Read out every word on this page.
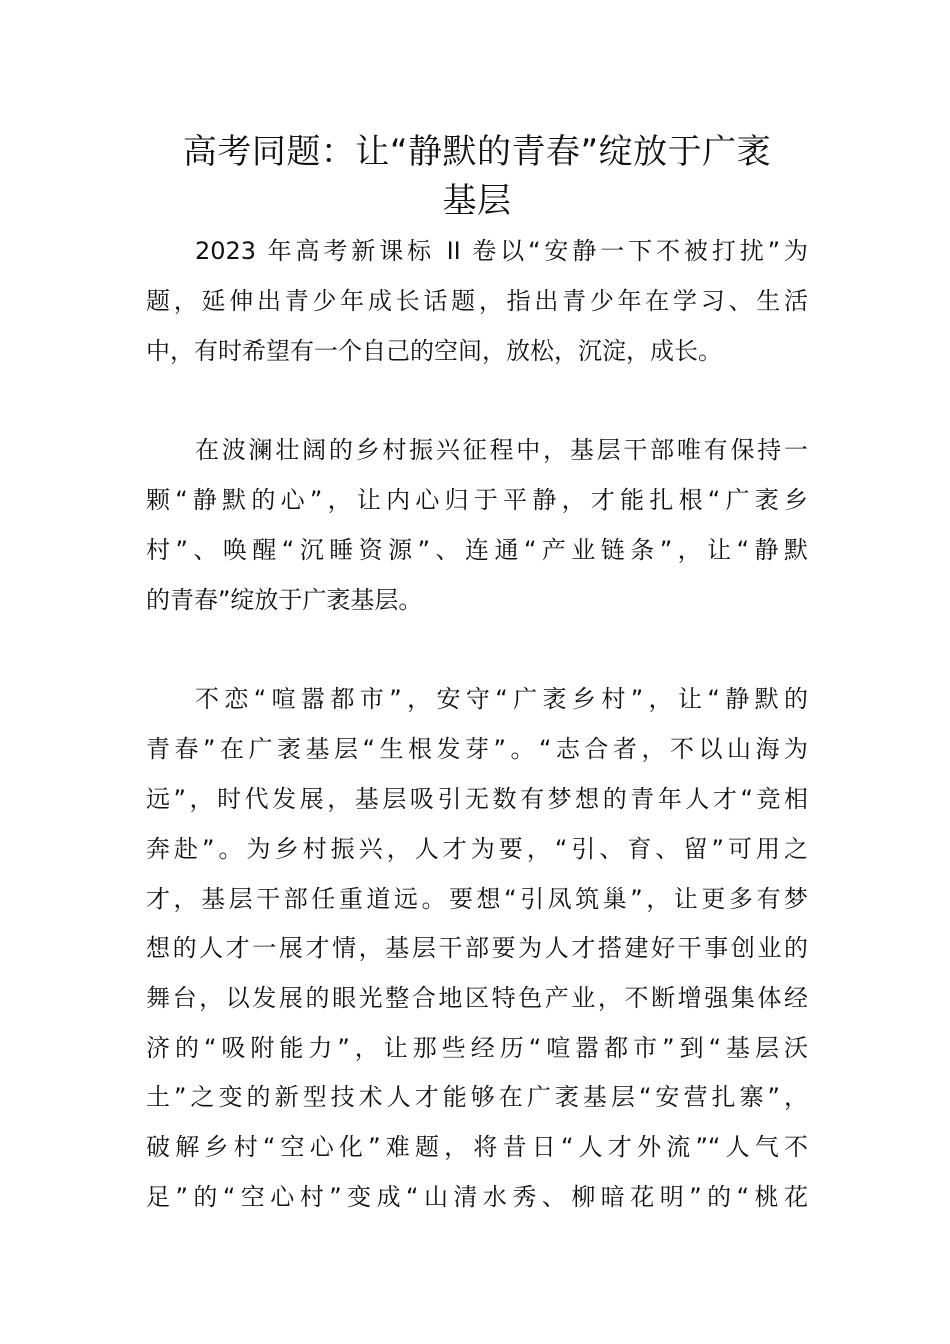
高考同题：让“静默的青春”绽放于广袤
基层
2023 年高考新课标 II 卷以“安静一下不被打扰”为
题，延伸出青少年成长话题，指出青少年在学习、生活
中，有时希望有一个自己的空间，放松，沉淀，成长。
在波澜壮阔的乡村振兴征程中，基层干部唯有保持一
颗“静默的心”，让内心归于平静，才能扎根“广袤乡
村”、唤醒“沉睡资源”、连通“产业链条”，让“静默
的青春”绽放于广袤基层。
不恋“喧嚣都市”，安守“广袤乡村”，让“静默的
青春”在广袤基层“生根发芽”。“志合者，不以山海为
远”，时代发展，基层吸引无数有梦想的青年人才“竞相
奔赴”。为乡村振兴，人才为要，“引、育、留”可用之
才，基层干部任重道远。要想“引凤筑巢”，让更多有梦
想的人才一展才情，基层干部要为人才搭建好干事创业的
舞台，以发展的眼光整合地区特色产业，不断增强集体经
济的“吸附能力”，让那些经历“喧嚣都市”到“基层沃
土”之变的新型技术人才能够在广袤基层“安营扎寨”，
破解乡村“空心化”难题，将昔日“人才外流”“人气不
足”的“空心村”变成“山清水秀、柳暗花明”的“桃花
